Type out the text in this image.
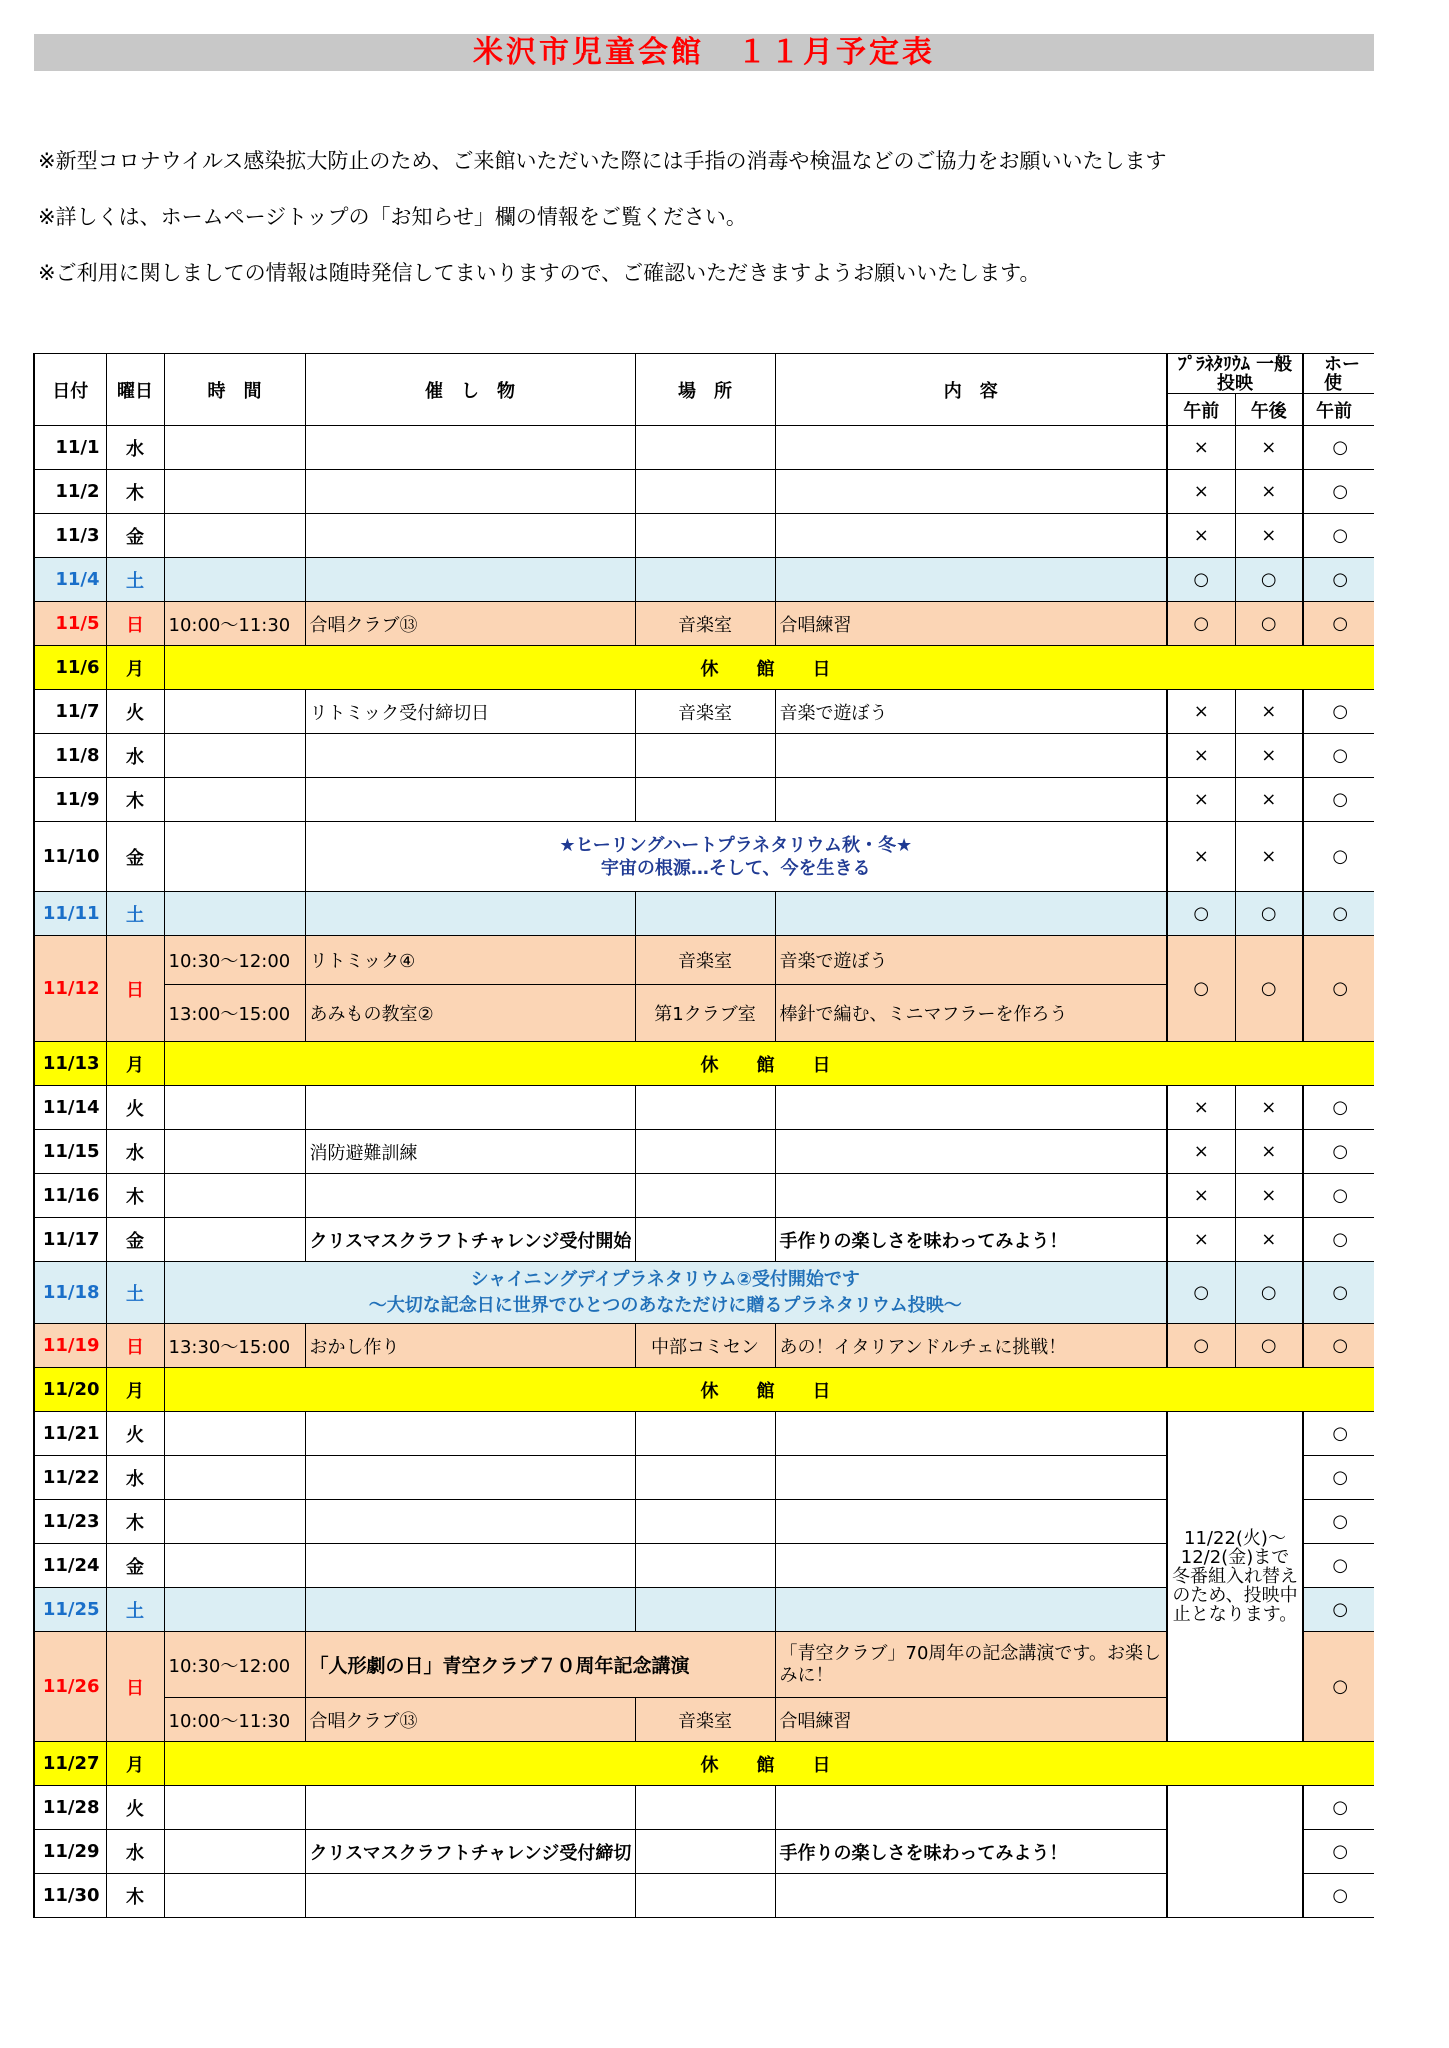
米沢市児童会館　１１月予定表
※新型コロナウイルス感染拡大防止のため、ご来館いただいた際には手指の消毒や検温などのご協力をお願いいたします
※詳しくは、ホームページトップの「お知らせ」欄の情報をご覧ください。
※ご利用に関しましての情報は随時発信してまいりますので、ご確認いただきますようお願いいたします。
日付	曜日	時　間	催　し　物	場　所	内　容	ﾌﾟﾗﾈﾀﾘｳﾑ 一般投映		ホー 使
						午前	午後	午前
11/1	水					×	×	○
11/2	木					×	×	○
11/3	金					×	×	○
11/4	土					○	○	○
11/5	日	10:00～11:30	合唱クラブ⑬	音楽室	合唱練習	○	○	○
11/6	月	休　館　日						
11/7	火		リトミック受付締切日	音楽室	音楽で遊ぼう	×	×	○
11/8	水					×	×	○
11/9	木					×	×	○
11/10	金		★ヒーリングハートプラネタリウム秋・冬★
宇宙の根源…そして、今を生きる			×	×	○
11/11	土					○	○	○
11/12	日	10:30～12:00	リトミック④	音楽室	音楽で遊ぼう	○	○	○
		13:00～15:00	あみもの教室②	第1クラブ室	棒針で編む、ミニマフラーを作ろう			
11/13	月	休　館　日						
11/14	火					×	×	○
11/15	水		消防避難訓練			×	×	○
11/16	木					×	×	○
11/17	金		クリスマスクラフトチャレンジ受付開始		手作りの楽しさを味わってみよう！	×	×	○
11/18	土	シャイニングデイプラネタリウム②受付開始です
～大切な記念日に世界でひとつのあなただけに贈るプラネタリウム投映～				○	○	○
11/19	日	13:30～15:00	おかし作り	中部コミセン	あの！イタリアンドルチェに挑戦！	○	○	○
11/20	月	休　館　日						
11/21	火					11/22(火)～12/2(金)まで冬番組入れ替えのため、投映中止となります。		○
11/22	水							○
11/23	木							○
11/24	金							○
11/25	土							○
11/26	日	10:30～12:00	「人形劇の日」青空クラブ７０周年記念講演		「青空クラブ」70周年の記念講演です。お楽しみに！			○
		10:00～11:30	合唱クラブ⑬	音楽室	合唱練習			
11/27	月	休　館　日						
11/28	火							○
11/29	水		クリスマスクラフトチャレンジ受付締切		手作りの楽しさを味わってみよう！			○
11/30	木							○
